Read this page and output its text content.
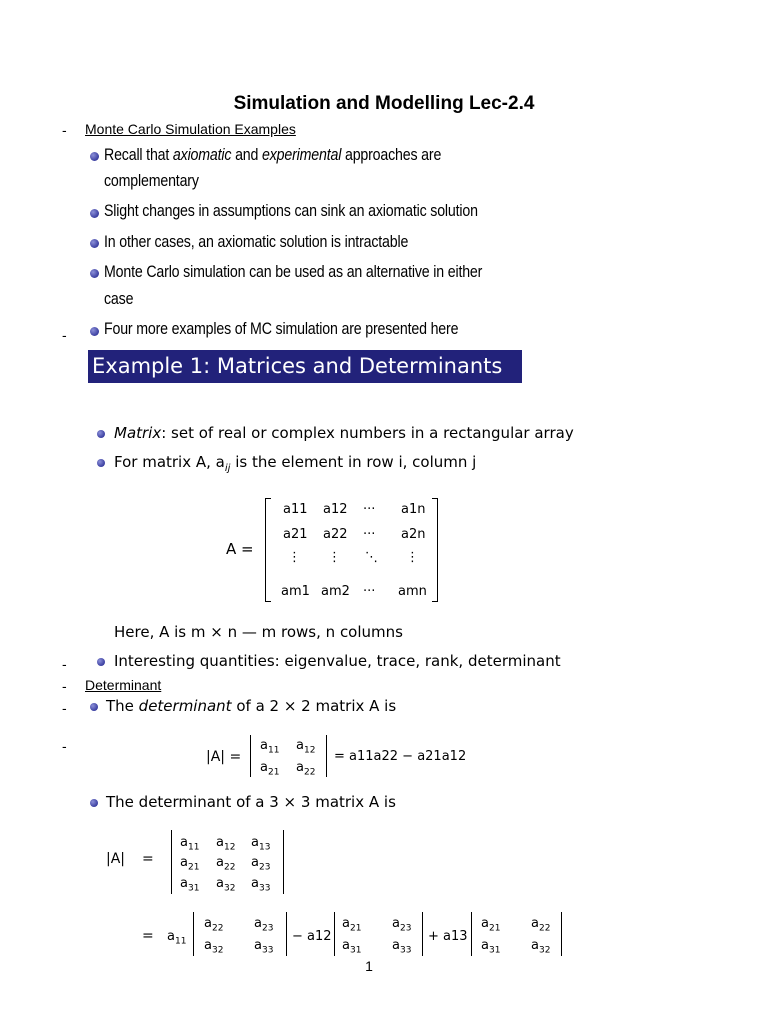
Simulation and Modelling Lec-2.4
- Monte Carlo Simulation Examples
Recall that axiomatic and experimental approaches are
complementary
Slight changes in assumptions can sink an axiomatic solution
In other cases, an axiomatic solution is intractable
Monte Carlo simulation can be used as an alternative in either
case
- Four more examples of MC simulation are presented here
Example 1: Matrices and Determinants
Matrix: set of real or complex numbers in a rectangular array
For matrix A, $a_{ij}$ is the element in row i, column j
A =
a11 a12 ··· a1n
a21 a22 ··· a2n
⋮ ⋮ ⋱ ⋮
am1 am2 ··· amn
Here, A is m × n — m rows, n columns
-	Interesting quantities: eigenvalue, trace, rank, determinant
- Determinant
-	The determinant of a 2 × 2 matrix A is
-
|A| =
$a_{11}$ $a_{12}$
$a_{21}$ $a_{22}$
= a11a22 − a21a12
The determinant of a 3 × 3 matrix A is
|A| =
$a_{11}$ $a_{12}$ $a_{13}$
$a_{21}$ $a_{22}$ $a_{23}$
$a_{31}$ $a_{32}$ $a_{33}$
= $a_{11}$
$a_{22}$ $a_{23}$
$a_{32}$ $a_{33}$
− a12
$a_{21}$ $a_{23}$
$a_{31}$ $a_{33}$
+ a13
$a_{21}$ $a_{22}$
$a_{31}$ $a_{32}$
1
